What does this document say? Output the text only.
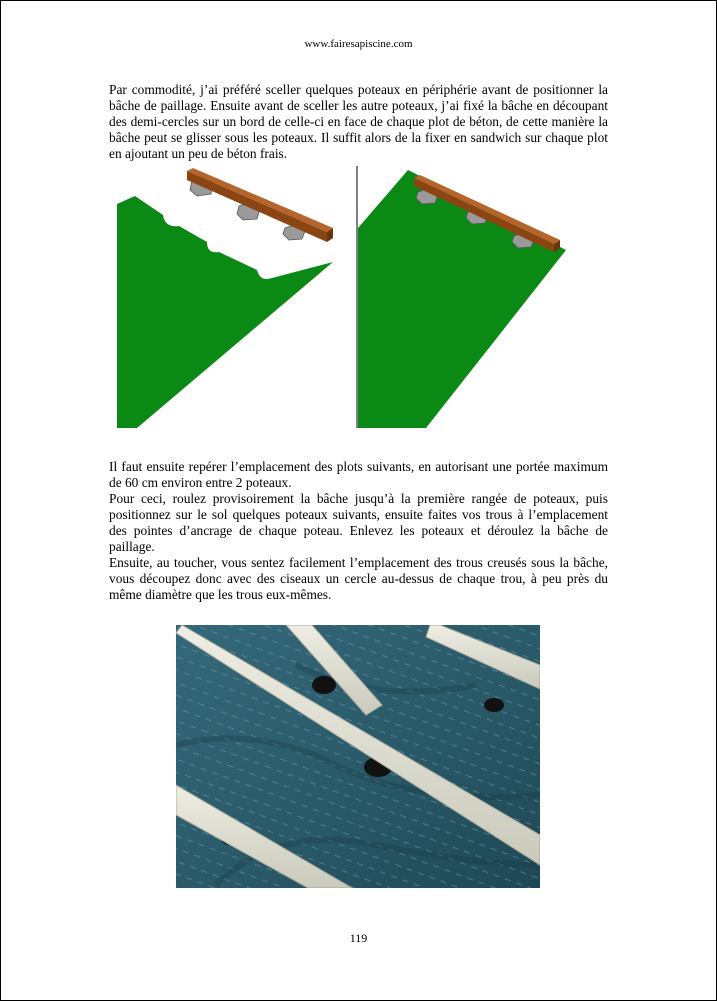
www.fairesapiscine.com

Par commodité, j’ai préféré sceller quelques poteaux en périphérie avant de positionner la bâche de paillage. Ensuite avant de sceller les autre poteaux, j’ai fixé la bâche en découpant des demi-cercles sur un bord de celle-ci en face de chaque plot de béton, de cette manière la bâche peut se glisser sous les poteaux. Il suffit alors de la fixer en sandwich sur chaque plot en ajoutant un peu de béton frais.

Il faut ensuite repérer l’emplacement des plots suivants, en autorisant une portée maximum de 60 cm environ entre 2 poteaux.
Pour ceci, roulez provisoirement la bâche jusqu’à la première rangée de poteaux, puis positionnez sur le sol quelques poteaux suivants, ensuite faites vos trous à l’emplacement des pointes d’ancrage de chaque poteau. Enlevez les poteaux et déroulez la bâche de paillage.
Ensuite, au toucher, vous sentez facilement l’emplacement des trous creusés sous la bâche, vous découpez donc avec des ciseaux un cercle au-dessus de chaque trou, à peu près du même diamètre que les trous eux-mêmes.
119
